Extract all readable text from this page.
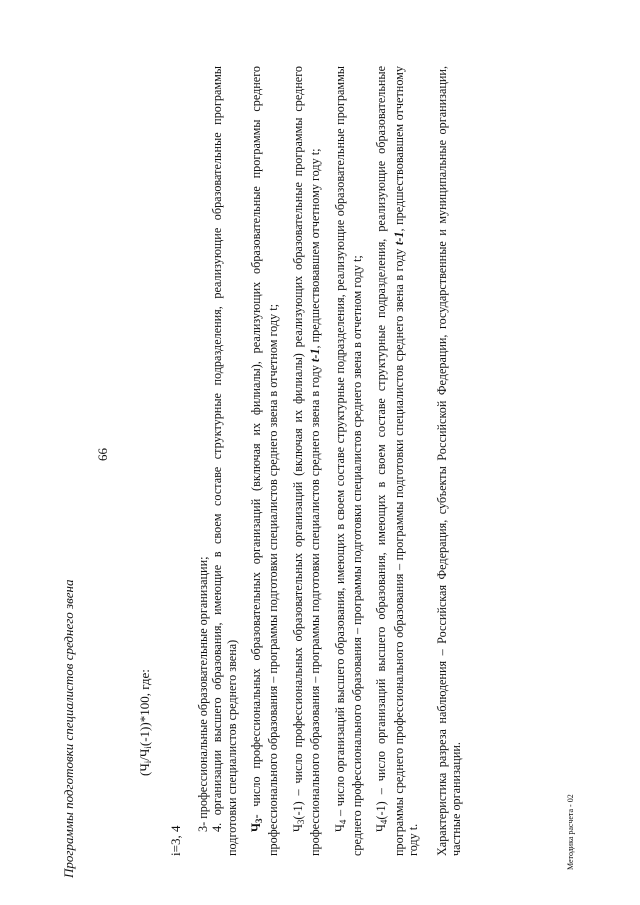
Программы подготовки специалистов среднего звена
66
$(Ч_i/Ч_i(-1))*100$, где:
i=3, 4
3- профессиональные образовательные организации; 4. организации высшего образования, имеющие в своем составе структурные подразделения, реализующие образовательные программы подготовки специалистов среднего звена) $Ч_3-$ число профессиональных образовательных организаций (включая их филиалы), реализующих образовательные программы среднего профессионального образования – программы подготовки специалистов среднего звена в отчетном году t; $Ч_3(-1)$ – число профессиональных образовательных организаций (включая их филиалы) реализующих образовательные программы среднего профессионального образования – программы подготовки специалистов среднего звена в году t-1, предшествовавшем отчетному году t;

$Ч_4$ – число организаций высшего образования, имеющих в своем составе структурные подразделения, реализующие образовательные программы среднего профессионального образования – программы подготовки специалистов среднего звена в отчетном году t; $Ч_4(-1)$ – число организаций высшего образования, имеющих в своем составе структурные подразделения, реализующие образовательные программы среднего профессионального образования – программы подготовки специалистов среднего звена в году t-1, предшествовавшем отчетному году t. Характеристика разреза наблюдения – Российская Федерация, субъекты Российской Федерации, государственные и муниципальные организации, частные организации.	Методика расчета - 02
